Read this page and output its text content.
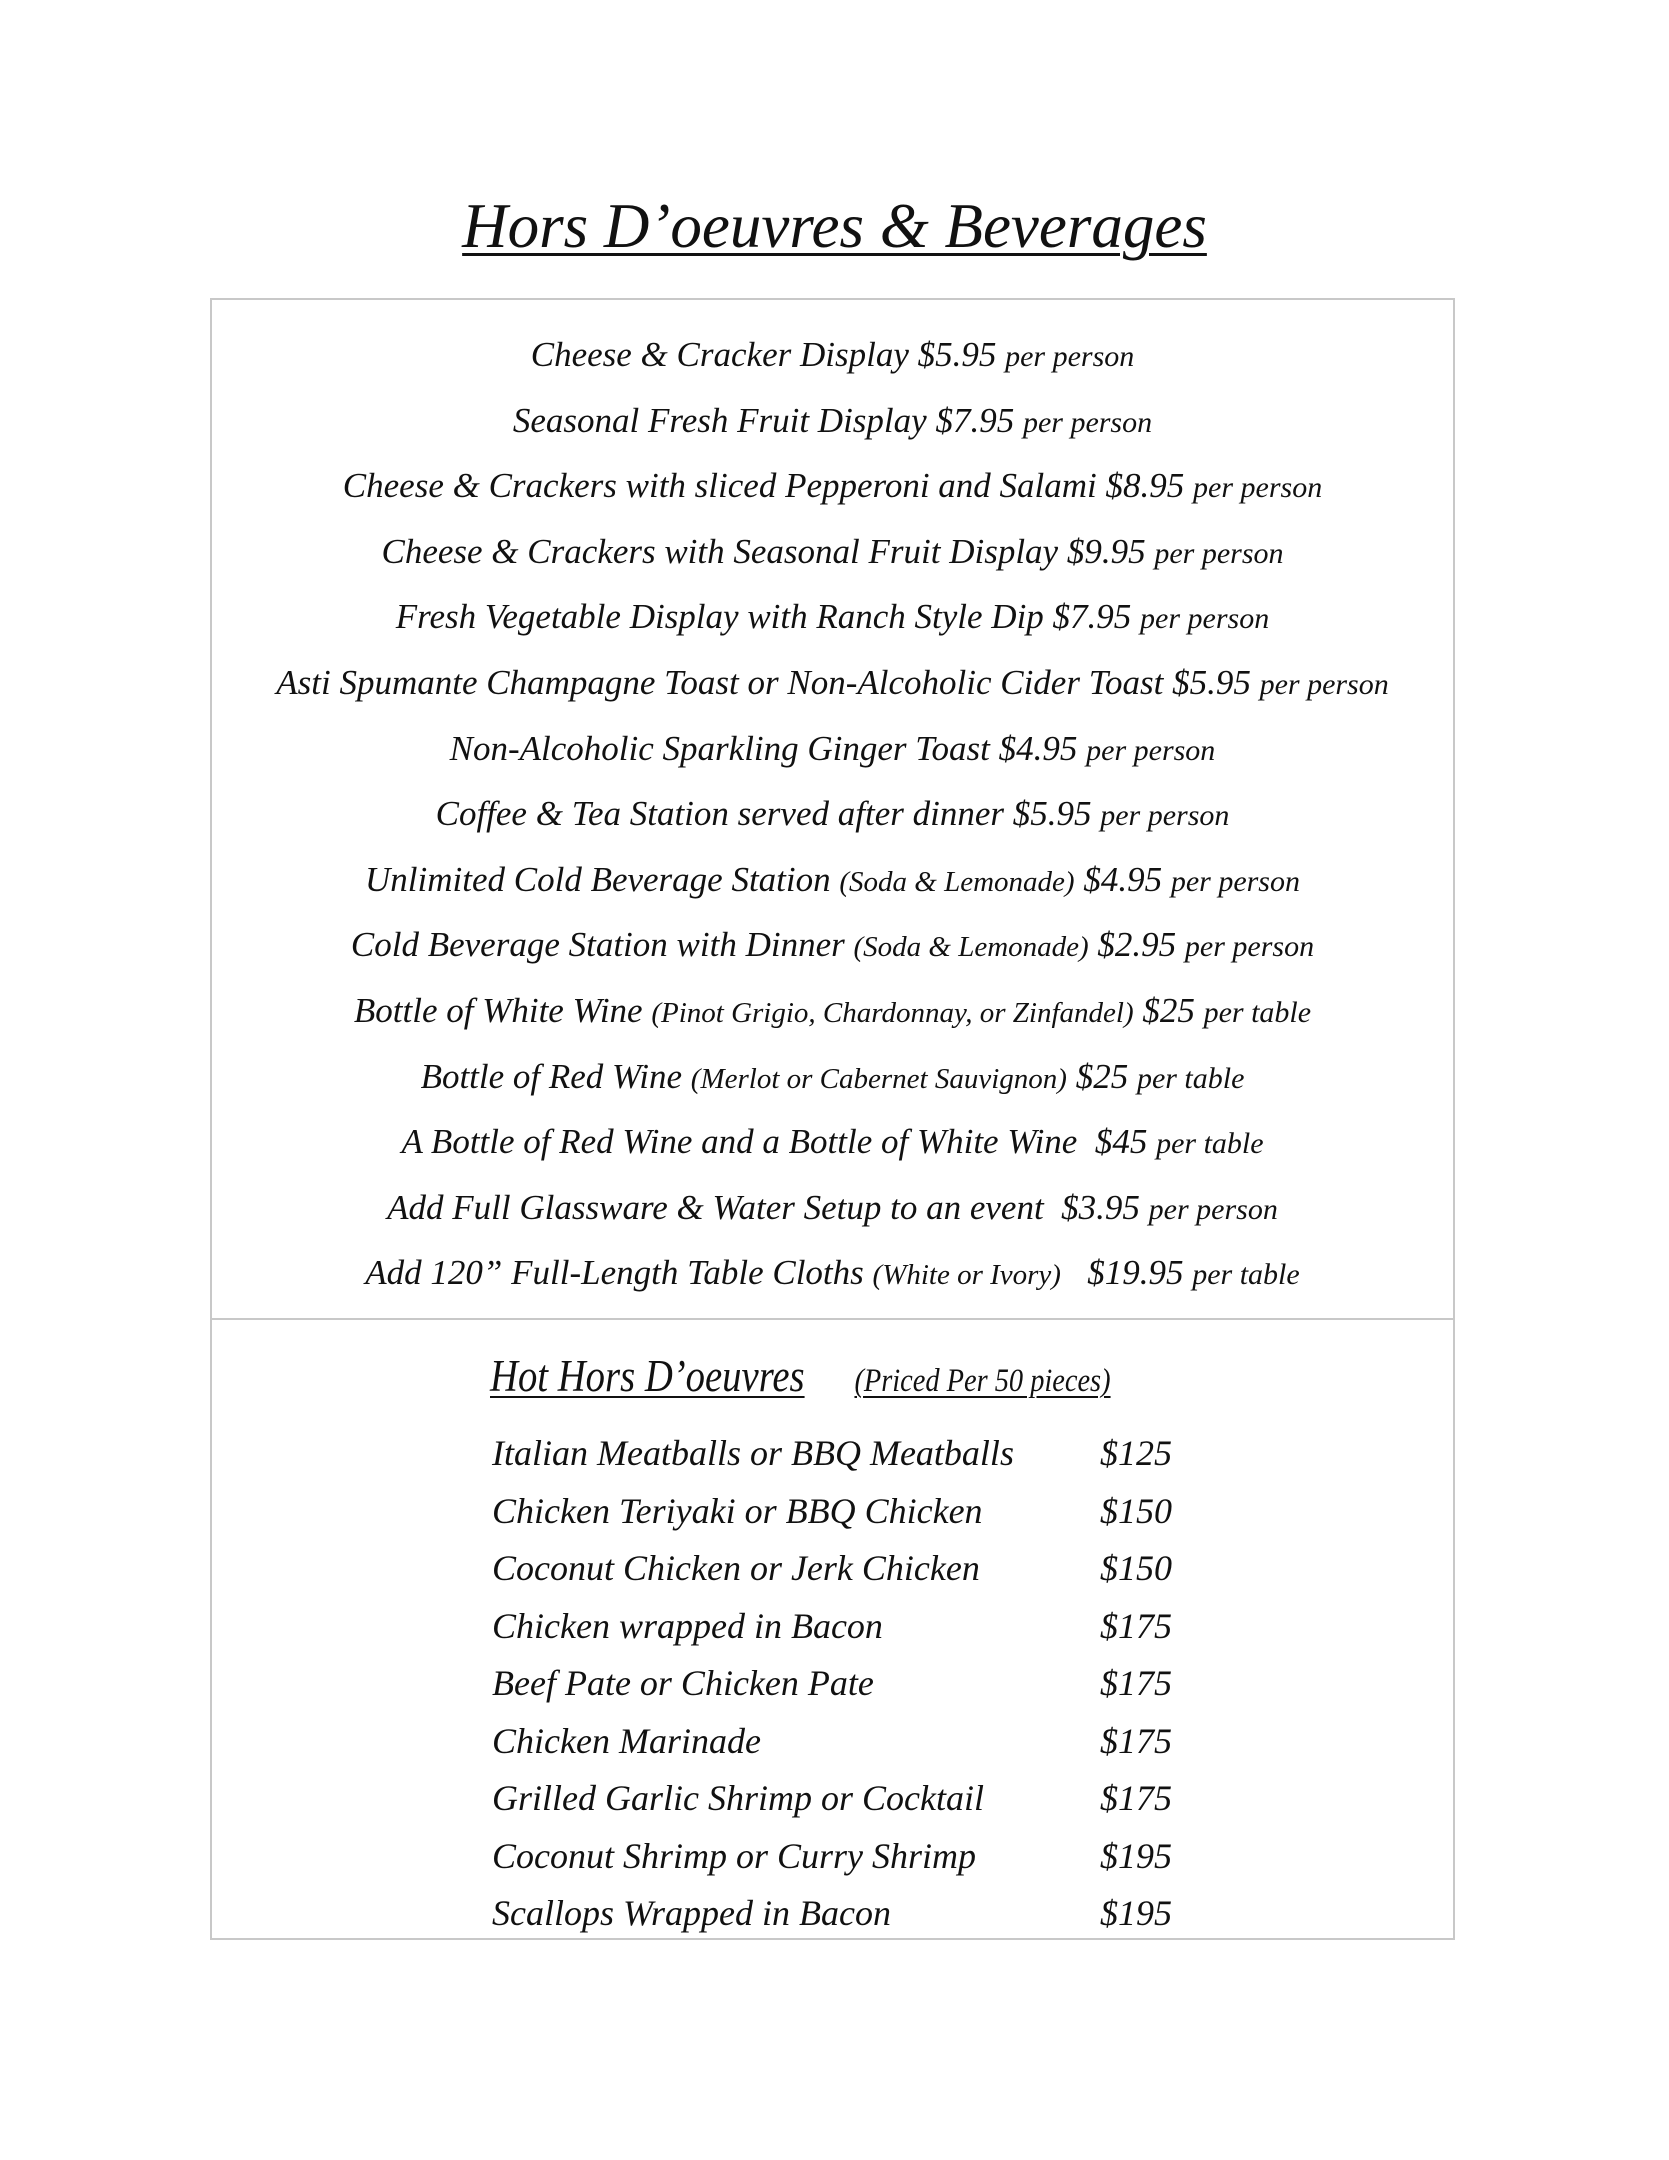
Hors D’oeuvres & Beverages
Cheese & Cracker Display $5.95 per person
Seasonal Fresh Fruit Display $7.95 per person
Cheese & Crackers with sliced Pepperoni and Salami $8.95 per person
Cheese & Crackers with Seasonal Fruit Display $9.95 per person
Fresh Vegetable Display with Ranch Style Dip $7.95 per person
Asti Spumante Champagne Toast or Non-Alcoholic Cider Toast $5.95 per person
Non-Alcoholic Sparkling Ginger Toast $4.95 per person
Coffee & Tea Station served after dinner $5.95 per person
Unlimited Cold Beverage Station (Soda & Lemonade) $4.95 per person
Cold Beverage Station with Dinner (Soda & Lemonade) $2.95 per person
Bottle of White Wine (Pinot Grigio, Chardonnay, or Zinfandel) $25 per table
Bottle of Red Wine (Merlot or Cabernet Sauvignon) $25 per table
A Bottle of Red Wine and a Bottle of White Wine $45 per table
Add Full Glassware & Water Setup to an event $3.95 per person
Add 120” Full-Length Table Cloths (White or Ivory) $19.95 per table
Hot Hors D’oeuvres (Priced Per 50 pieces)
Italian Meatballs or BBQ Meatballs $125
Chicken Teriyaki or BBQ Chicken	$150
Coconut Chicken or Jerk Chicken	$150
Chicken wrapped in Bacon	$175
Beef Pate or Chicken Pate	$175
Chicken Marinade	$175
Grilled Garlic Shrimp or Cocktail	$175
Coconut Shrimp or Curry Shrimp	$195
Scallops Wrapped in Bacon	$195
